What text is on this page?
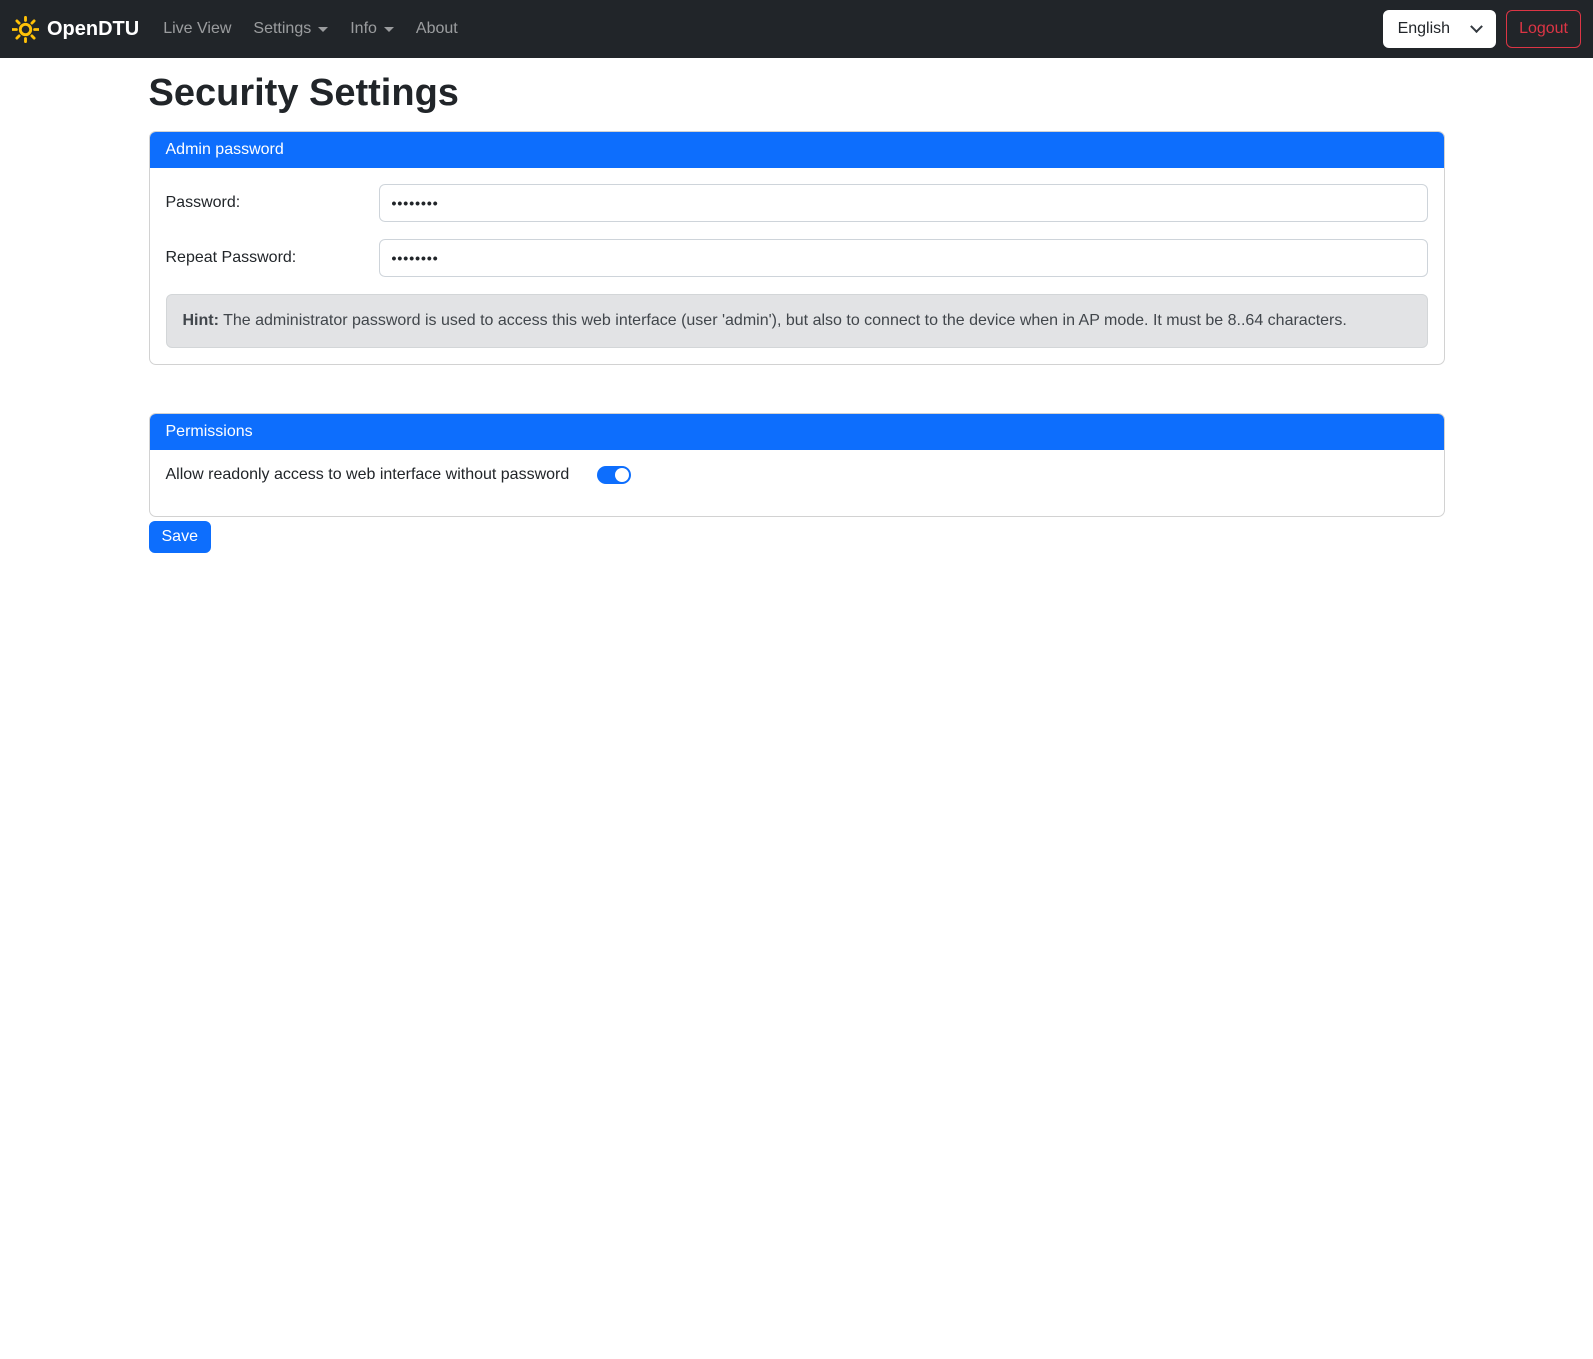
OpenDTU Live View Settings Info About	English	Logout
Security Settings
Admin password
Password:
••••••••
Repeat Password:
••••••••
Hint: The administrator password is used to access this web interface (user 'admin'), but also to connect to the device when in AP mode. It must be 8..64 characters.
Permissions
Allow readonly access to web interface without password
Save
